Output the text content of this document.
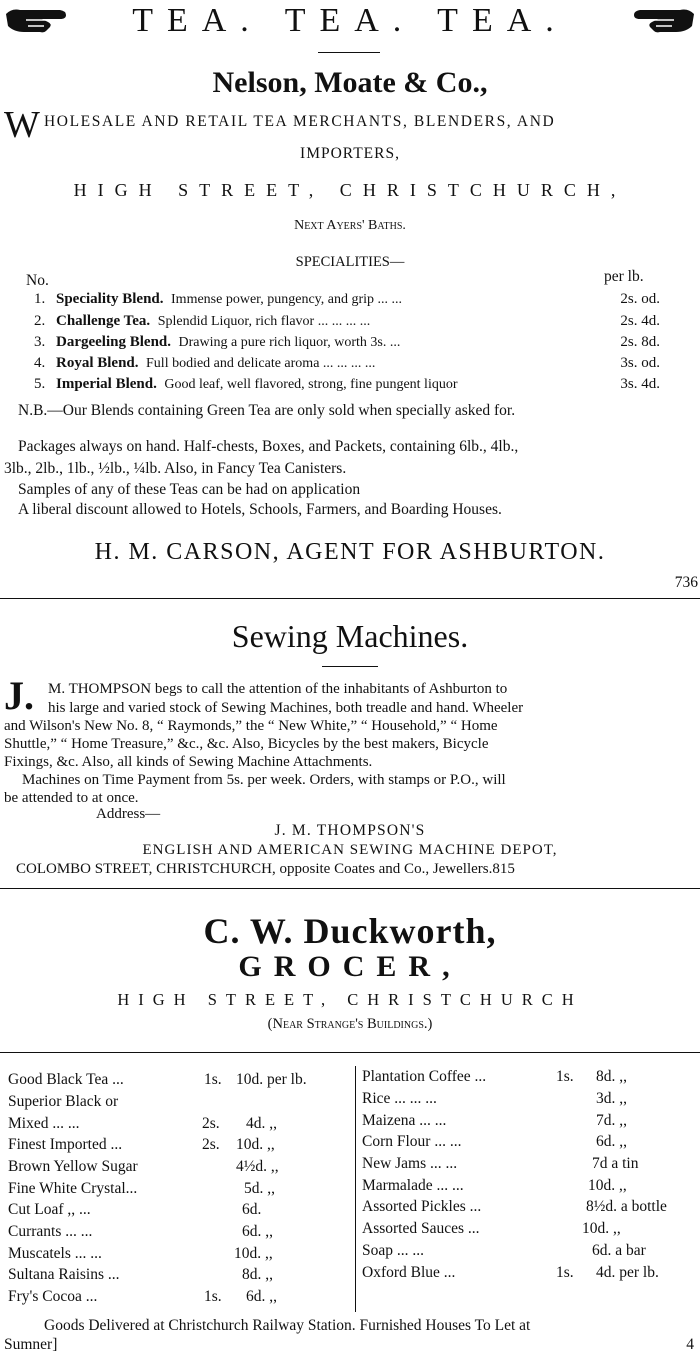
TEA. TEA. TEA.
Nelson, Moate & Co.,
W HOLESALE AND RETAIL TEA MERCHANTS, BLENDERS, AND
IMPORTERS,
HIGH STREET, CHRISTCHURCH,
Next Ayers' Baths.
SPECIALITIES—
No.	per lb.
1. Speciality Blend. Immense power, pungency, and grip ... ...	2s. od.
2. Challenge Tea. Splendid Liquor, rich flavor ... ... ... ...	2s. 4d.
3. Dargeeling Blend. Drawing a pure rich liquor, worth 3s. ...	2s. 8d.
4. Royal Blend. Full bodied and delicate aroma ... ... ... ...	3s. od.
5. Imperial Blend. Good leaf, well flavored, strong, fine pungent liquor	3s. 4d.
N.B.—Our Blends containing Green Tea are only sold when specially asked for.
Packages always on hand. Half-chests, Boxes, and Packets, containing 6lb., 4lb.,
3lb., 2lb., 1lb., ½lb., ¼lb. Also, in Fancy Tea Canisters.
Samples of any of these Teas can be had on application
A liberal discount allowed to Hotels, Schools, Farmers, and Boarding Houses.
H. M. CARSON, AGENT FOR ASHBURTON.
736
Sewing Machines.
J. M. THOMPSON begs to call the attention of the inhabitants of Ashburton to
his large and varied stock of Sewing Machines, both treadle and hand. Wheeler
and Wilson's New No. 8, “ Raymonds,” the “ New White,” “ Household,” “ Home
Shuttle,” “ Home Treasure,” &c., &c. Also, Bicycles by the best makers, Bicycle
Fixings, &c. Also, all kinds of Sewing Machine Attachments.
Machines on Time Payment from 5s. per week. Orders, with stamps or P.O., will
be attended to at once.
Address—
J. M. THOMPSON'S
ENGLISH AND AMERICAN SEWING MACHINE DEPOT,
COLOMBO STREET, CHRISTCHURCH, opposite Coates and Co., Jewellers.815
C. W. Duckworth,
GROCER,
HIGH STREET, CHRISTCHURCH
(Near Strange's Buildings.)
Good Black Tea ...	1s. 10d. per lb.
Superior Black or
Mixed ... ...	2s. 4d. ,,
Finest Imported ...	2s. 10d. ,,
Brown Yellow Sugar	4½d. ,,
Fine White Crystal...	5d. ,,
Cut Loaf ,, ...	6d.
Currants ... ...	6d. ,,
Muscatels ... ...	10d. ,,
Sultana Raisins ...	8d. ,,
Fry's Cocoa ...	1s. 6d. ,,
Plantation Coffee ...	1s. 8d. ,,
Rice ... ... ...	3d. ,,
Maizena ... ...	7d. ,,
Corn Flour ... ...	6d. ,,
New Jams ... ...	7d a tin
Marmalade ... ...	10d. ,,
Assorted Pickles ...	8½d. a bottle
Assorted Sauces ...	10d. ,,
Soap ... ...	6d. a bar
Oxford Blue ...	1s. 4d. per lb.
Goods Delivered at Christchurch Railway Station. Furnished Houses To Let at
Sumner]	4
